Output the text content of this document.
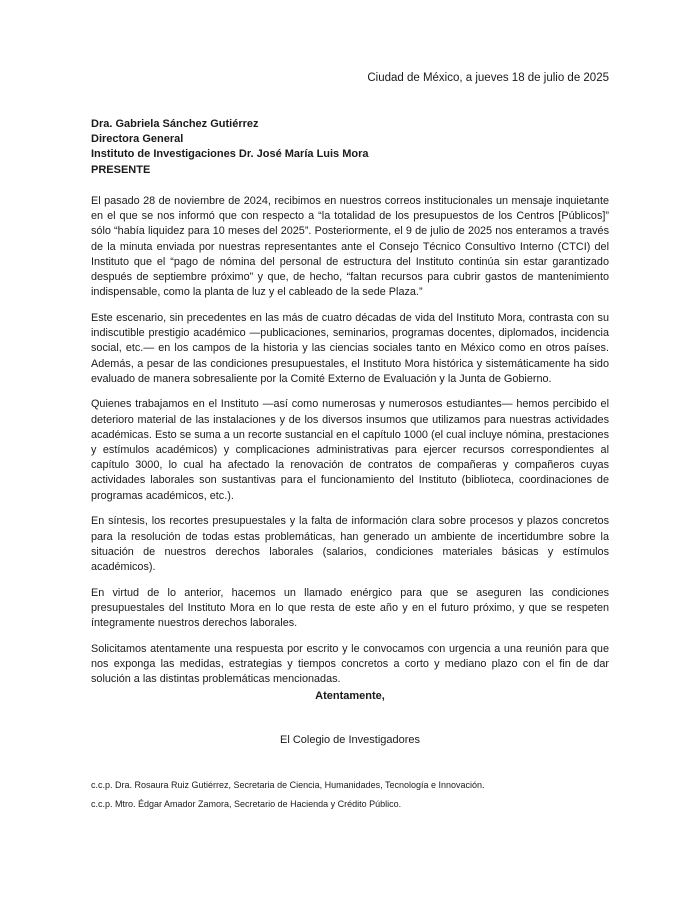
Ciudad de México, a jueves 18 de julio de 2025
Dra. Gabriela Sánchez Gutiérrez
Directora General
Instituto de Investigaciones Dr. José María Luis Mora
PRESENTE

El pasado 28 de noviembre de 2024, recibimos en nuestros correos institucionales un mensaje inquietante en el que se nos informó que con respecto a “la totalidad de los presupuestos de los Centros [Públicos]” sólo “había liquidez para 10 meses del 2025”. Posteriormente, el 9 de julio de 2025 nos enteramos a través de la minuta enviada por nuestras representantes ante el Consejo Técnico Consultivo Interno (CTCI) del Instituto que el “pago de nómina del personal de estructura del Instituto continúa sin estar garantizado después de septiembre próximo” y que, de hecho, “faltan recursos para cubrir gastos de mantenimiento indispensable, como la planta de luz y el cableado de la sede Plaza.”

Este escenario, sin precedentes en las más de cuatro décadas de vida del Instituto Mora, contrasta con su indiscutible prestigio académico —publicaciones, seminarios, programas docentes, diplomados, incidencia social, etc.— en los campos de la historia y las ciencias sociales tanto en México como en otros países. Además, a pesar de las condiciones presupuestales, el Instituto Mora histórica y sistemáticamente ha sido evaluado de manera sobresaliente por la Comité Externo de Evaluación y la Junta de Gobierno.

Quienes trabajamos en el Instituto —así como numerosas y numerosos estudiantes— hemos percibido el deterioro material de las instalaciones y de los diversos insumos que utilizamos para nuestras actividades académicas. Esto se suma a un recorte sustancial en el capítulo 1000 (el cual incluye nómina, prestaciones y estímulos académicos) y complicaciones administrativas para ejercer recursos correspondientes al capítulo 3000, lo cual ha afectado la renovación de contratos de compañeras y compañeros cuyas actividades laborales son sustantivas para el funcionamiento del Instituto (biblioteca, coordinaciones de programas académicos, etc.).

En síntesis, los recortes presupuestales y la falta de información clara sobre procesos y plazos concretos para la resolución de todas estas problemáticas, han generado un ambiente de incertidumbre sobre la situación de nuestros derechos laborales (salarios, condiciones materiales básicas y estímulos académicos).

En virtud de lo anterior, hacemos un llamado enérgico para que se aseguren las condiciones presupuestales del Instituto Mora en lo que resta de este año y en el futuro próximo, y que se respeten íntegramente nuestros derechos laborales.

Solicitamos atentamente una respuesta por escrito y le convocamos con urgencia a una reunión para que nos exponga las medidas, estrategias y tiempos concretos a corto y mediano plazo con el fin de dar solución a las distintas problemáticas mencionadas.

Atentamente,
El Colegio de Investigadores
c.c.p. Dra. Rosaura Ruiz Gutiérrez, Secretaria de Ciencia, Humanidades, Tecnología e Innovación.
c.c.p. Mtro. Édgar Amador Zamora, Secretario de Hacienda y Crédito Público.
